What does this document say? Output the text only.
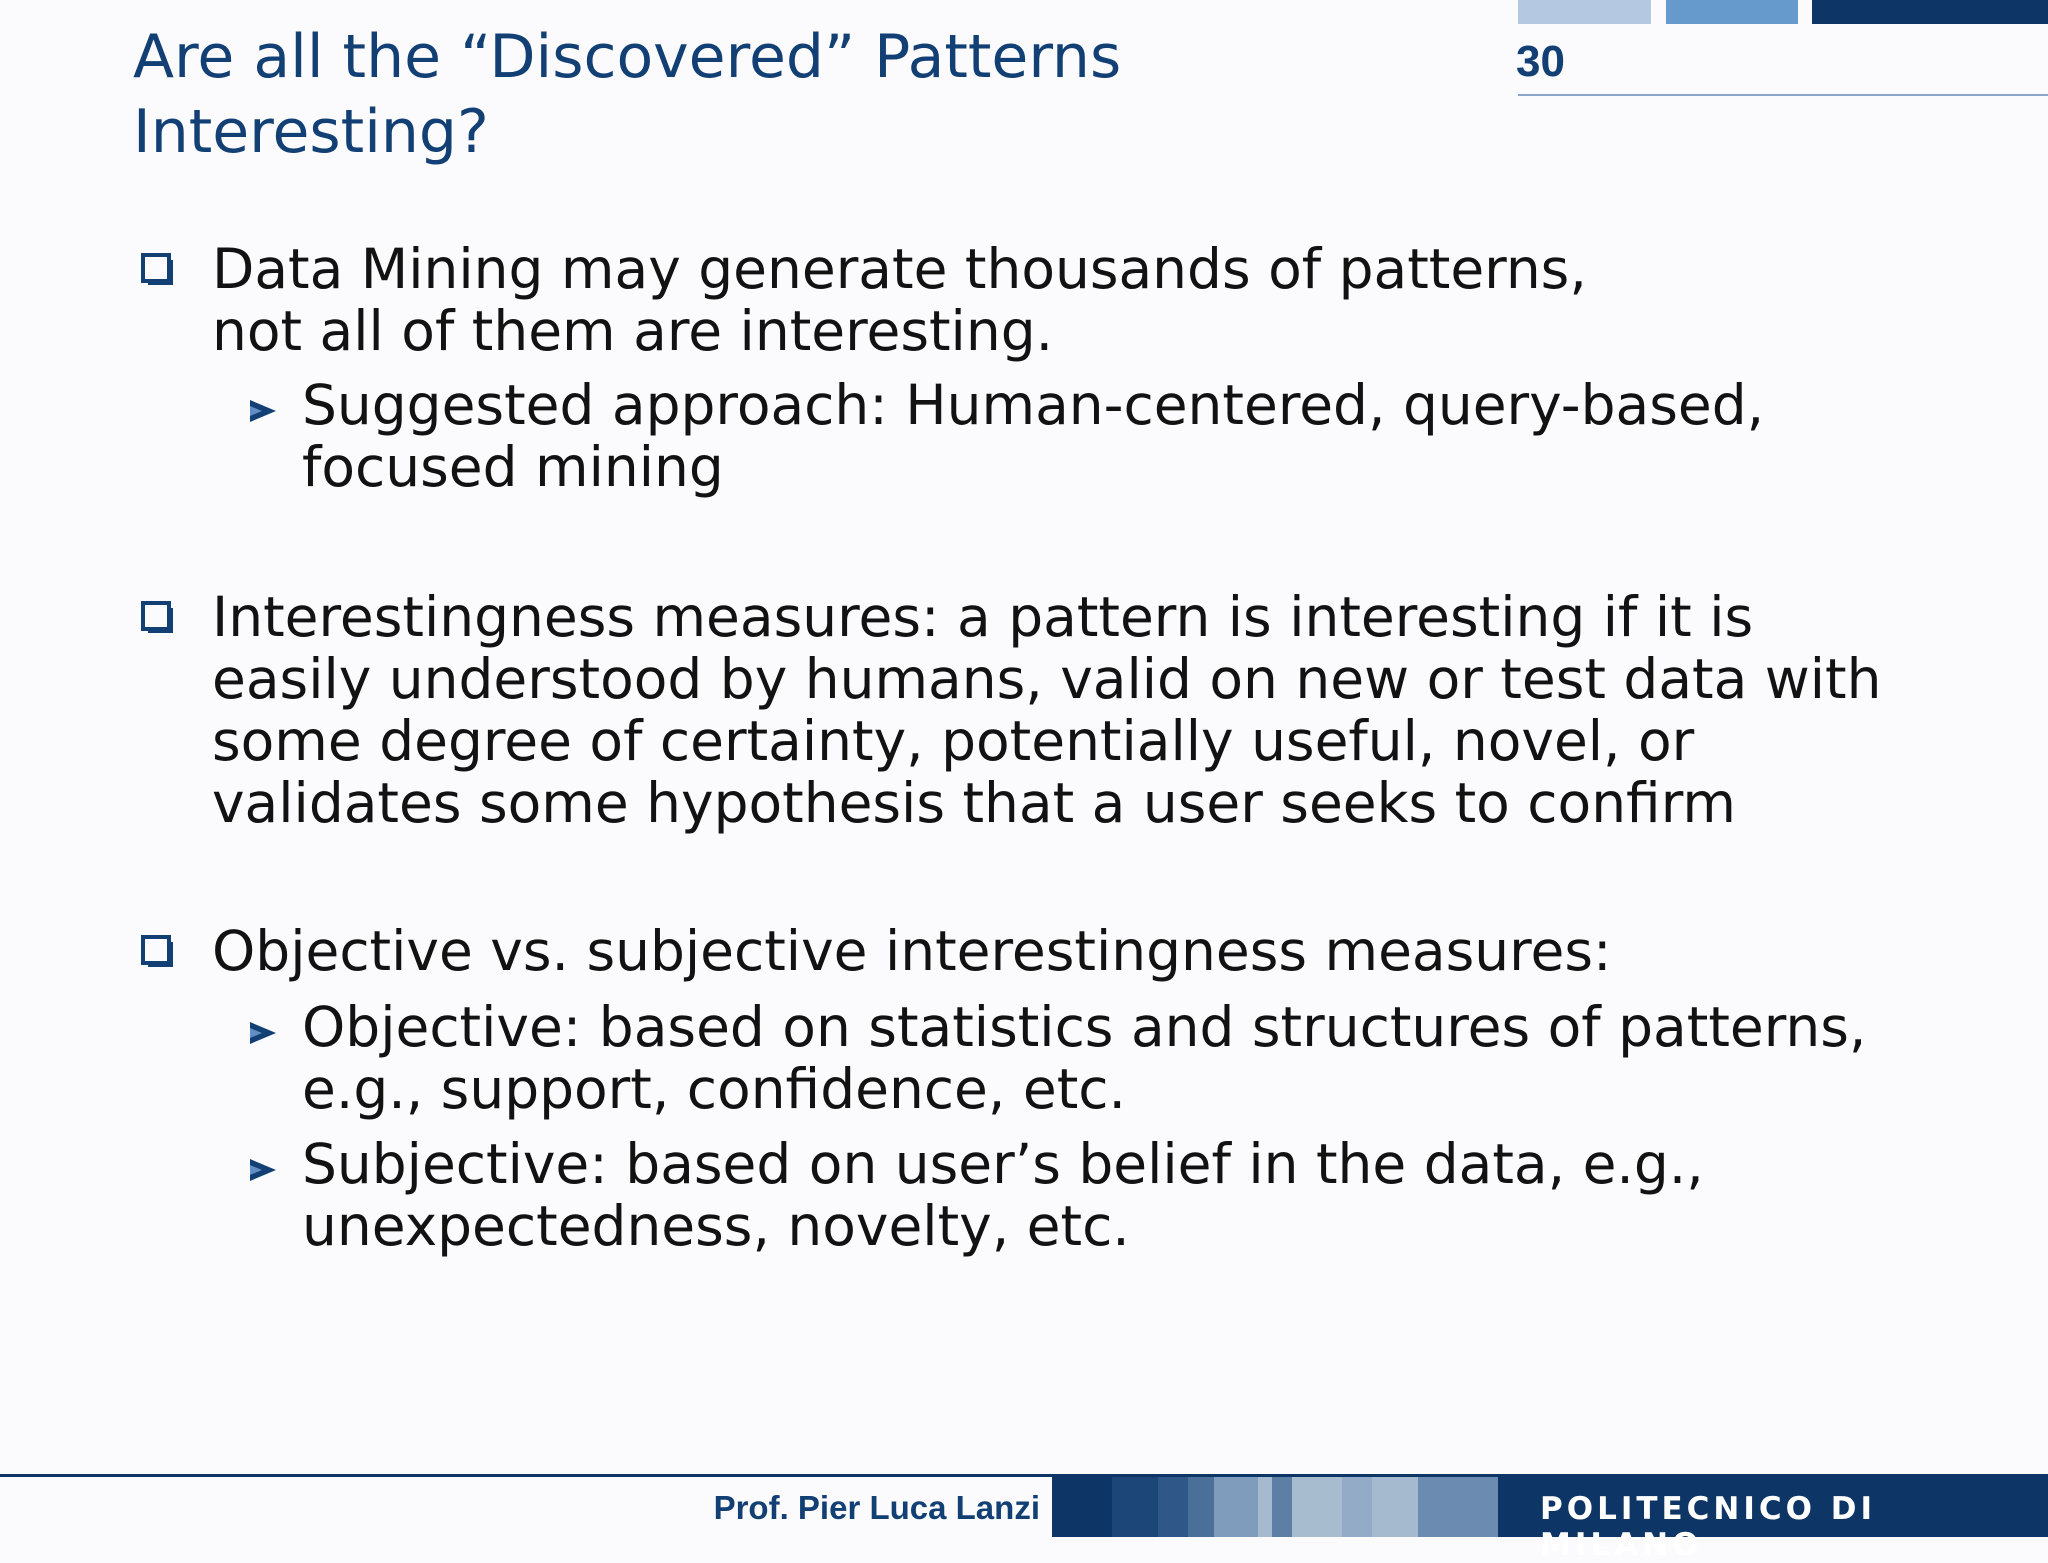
30
Are all the “Discovered” Patterns
Interesting?
Data Mining may generate thousands of patterns,
not all of them are interesting.
Suggested approach: Human-centered, query-based,
focused mining
Interestingness measures: a pattern is interesting if it is
easily understood by humans, valid on new or test data with
some degree of certainty, potentially useful, novel, or
validates some hypothesis that a user seeks to confirm
Objective vs. subjective interestingness measures:
Objective: based on statistics and structures of patterns,
e.g., support, confidence, etc.
Subjective: based on user’s belief in the data, e.g.,
unexpectedness, novelty, etc.
Prof. Pier Luca Lanzi	POLITECNICO DI MILANO
